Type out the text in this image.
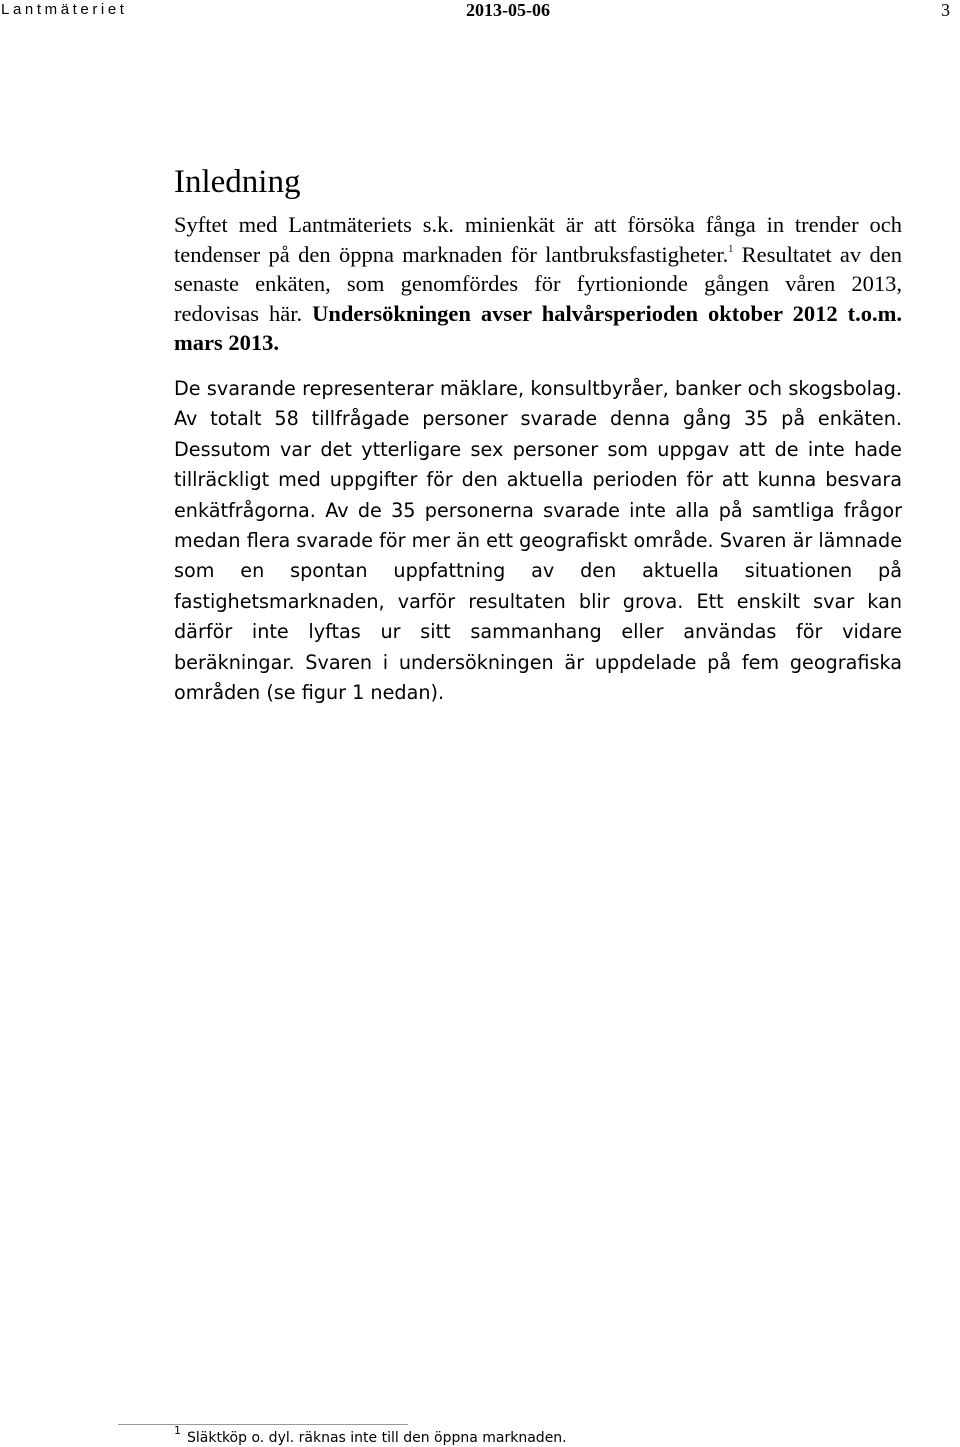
Lantmäteriet	2013-05-06	3
Inledning

Syftet med Lantmäteriets s.k. minienkät är att försöka fånga in trender och tendenser på den öppna marknaden för lantbruksfastigheter.$^1$ Resultatet av den senaste enkäten, som genomfördes för fyrtionionde gången våren 2013, redovisas här. Undersökningen avser halvårsperioden oktober 2012 t.o.m. mars 2013.

De svarande representerar mäklare, konsultbyråer, banker och skogsbolag. Av totalt 58 tillfrågade personer svarade denna gång 35 på enkäten. Dessutom var det ytterligare sex personer som uppgav att de inte hade tillräckligt med uppgifter för den aktuella perioden för att kunna besvara enkätfrågorna. Av de 35 personerna svarade inte alla på samtliga frågor medan flera svarade för mer än ett geografiskt område. Svaren är lämnade som en spontan uppfattning av den aktuella situationen på fastighetsmarknaden, varför resultaten blir grova. Ett enskilt svar kan därför inte lyftas ur sitt sammanhang eller användas för vidare beräkningar. Svaren i undersökningen är uppdelade på fem geografiska områden (se figur 1 nedan).

$^1$ Släktköp o. dyl. räknas inte till den öppna marknaden.
